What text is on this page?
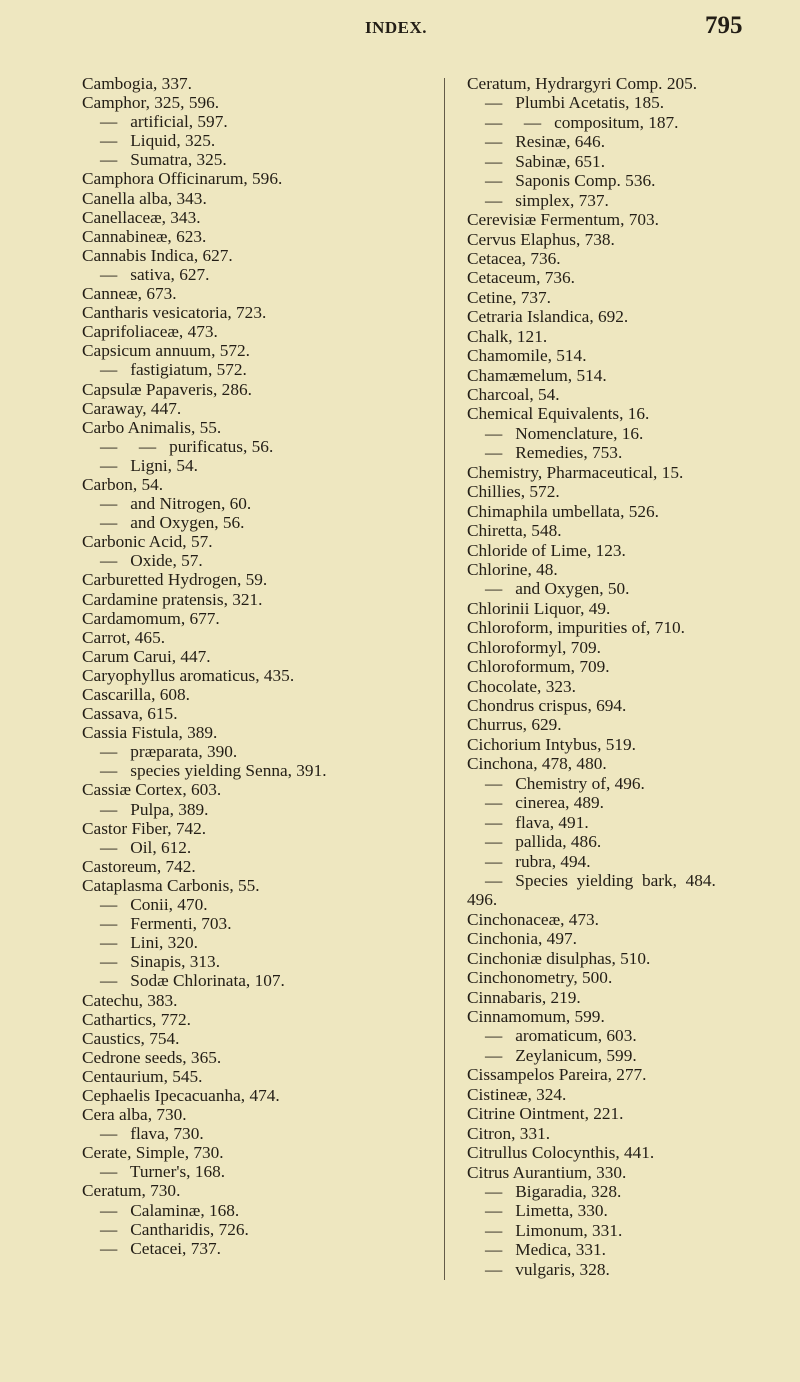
INDEX.	795
Cambogia, 337.
Camphor, 325, 596.
—   artificial, 597.
—   Liquid, 325.
—   Sumatra, 325.
Camphora Officinarum, 596.
Canella alba, 343.
Canellaceæ, 343.
Cannabineæ, 623.
Cannabis Indica, 627.
—   sativa, 627.
Canneæ, 673.
Cantharis vesicatoria, 723.
Caprifoliaceæ, 473.
Capsicum annuum, 572.
—   fastigiatum, 572.
Capsulæ Papaveris, 286.
Caraway, 447.
Carbo Animalis, 55.
—     —   purificatus, 56.
—   Ligni, 54.
Carbon, 54.
—   and Nitrogen, 60.
—   and Oxygen, 56.
Carbonic Acid, 57.
—   Oxide, 57.
Carburetted Hydrogen, 59.
Cardamine pratensis, 321.
Cardamomum, 677.
Carrot, 465.
Carum Carui, 447.
Caryophyllus aromaticus, 435.
Cascarilla, 608.
Cassava, 615.
Cassia Fistula, 389.
—   præparata, 390.
—   species yielding Senna, 391.
Cassiæ Cortex, 603.
—   Pulpa, 389.
Castor Fiber, 742.
—   Oil, 612.
Castoreum, 742.
Cataplasma Carbonis, 55.
—   Conii, 470.
—   Fermenti, 703.
—   Lini, 320.
—   Sinapis, 313.
—   Sodæ Chlorinata, 107.
Catechu, 383.
Cathartics, 772.
Caustics, 754.
Cedrone seeds, 365.
Centaurium, 545.
Cephaelis Ipecacuanha, 474.
Cera alba, 730.
—   flava, 730.
Cerate, Simple, 730.
—   Turner's, 168.
Ceratum, 730.
—   Calaminæ, 168.
—   Cantharidis, 726.
—   Cetacei, 737.
Ceratum, Hydrargyri Comp. 205.
—   Plumbi Acetatis, 185.
—     —   compositum, 187.
—   Resinæ, 646.
—   Sabinæ, 651.
—   Saponis Comp. 536.
—   simplex, 737.
Cerevisiæ Fermentum, 703.
Cervus Elaphus, 738.
Cetacea, 736.
Cetaceum, 736.
Cetine, 737.
Cetraria Islandica, 692.
Chalk, 121.
Chamomile, 514.
Chamæmelum, 514.
Charcoal, 54.
Chemical Equivalents, 16.
—   Nomenclature, 16.
—   Remedies, 753.
Chemistry, Pharmaceutical, 15.
Chillies, 572.
Chimaphila umbellata, 526.
Chiretta, 548.
Chloride of Lime, 123.
Chlorine, 48.
—   and Oxygen, 50.
Chlorinii Liquor, 49.
Chloroform, impurities of, 710.
Chloroformyl, 709.
Chloroformum, 709.
Chocolate, 323.
Chondrus crispus, 694.
Churrus, 629.
Cichorium Intybus, 519.
Cinchona, 478, 480.
—   Chemistry of, 496.
—   cinerea, 489.
—   flava, 491.
—   pallida, 486.
—   rubra, 494.
—   Species  yielding  bark,  484.
496.
Cinchonaceæ, 473.
Cinchonia, 497.
Cinchoniæ disulphas, 510.
Cinchonometry, 500.
Cinnabaris, 219.
Cinnamomum, 599.
—   aromaticum, 603.
—   Zeylanicum, 599.
Cissampelos Pareira, 277.
Cistineæ, 324.
Citrine Ointment, 221.
Citron, 331.
Citrullus Colocynthis, 441.
Citrus Aurantium, 330.
—   Bigaradia, 328.
—   Limetta, 330.
—   Limonum, 331.
—   Medica, 331.
—   vulgaris, 328.
